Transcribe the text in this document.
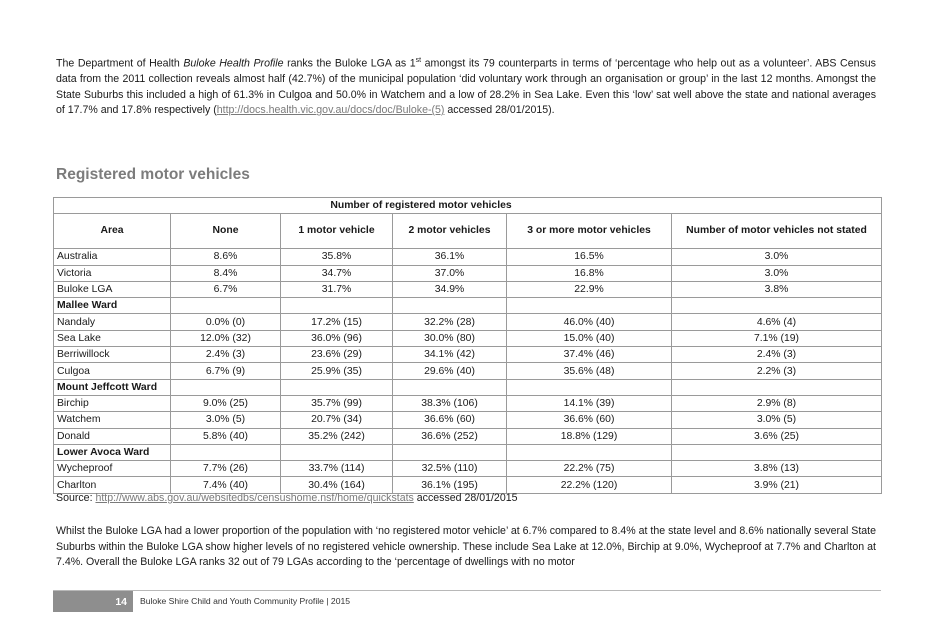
The Department of Health Buloke Health Profile ranks the Buloke LGA as 1st amongst its 79 counterparts in terms of ‘percentage who help out as a volunteer’. ABS Census data from the 2011 collection reveals almost half (42.7%) of the municipal population ‘did voluntary work through an organisation or group’ in the last 12 months. Amongst the State Suburbs this included a high of 61.3% in Culgoa and 50.0% in Watchem and a low of 28.2% in Sea Lake. Even this ‘low’ sat well above the state and national averages of 17.7% and 17.8% respectively (http://docs.health.vic.gov.au/docs/doc/Buloke-(5) accessed 28/01/2015).

Registered motor vehicles
	Number of registered motor vehicles				
Area	None	1 motor vehicle	2 motor vehicles	3 or more motor vehicles	Number of motor vehicles not stated
Australia	8.6%	35.8%	36.1%	16.5%	3.0%
Victoria	8.4%	34.7%	37.0%	16.8%	3.0%
Buloke LGA	6.7%	31.7%	34.9%	22.9%	3.8%
Mallee Ward					
Nandaly	0.0% (0)	17.2% (15)	32.2% (28)	46.0% (40)	4.6% (4)
Sea Lake	12.0% (32)	36.0% (96)	30.0% (80)	15.0% (40)	7.1% (19)
Berriwillock	2.4% (3)	23.6% (29)	34.1% (42)	37.4% (46)	2.4% (3)
Culgoa	6.7% (9)	25.9% (35)	29.6% (40)	35.6% (48)	2.2% (3)
Mount Jeffcott Ward					
Birchip	9.0% (25)	35.7% (99)	38.3% (106)	14.1% (39)	2.9% (8)
Watchem	3.0% (5)	20.7% (34)	36.6% (60)	36.6% (60)	3.0% (5)
Donald	5.8% (40)	35.2% (242)	36.6% (252)	18.8% (129)	3.6% (25)
Lower Avoca Ward					
Wycheproof	7.7% (26)	33.7% (114)	32.5% (110)	22.2% (75)	3.8% (13)
Charlton	7.4% (40)	30.4% (164)	36.1% (195)	22.2% (120)	3.9% (21)

Source: http://www.abs.gov.au/websitedbs/censushome.nsf/home/quickstats accessed 28/01/2015

Whilst the Buloke LGA had a lower proportion of the population with ‘no registered motor vehicle’ at 6.7% compared to 8.4% at the state level and 8.6% nationally several State Suburbs within the Buloke LGA show higher levels of no registered vehicle ownership. These include Sea Lake at 12.0%, Birchip at 9.0%, Wycheproof at 7.7% and Charlton at 7.4%. Overall the Buloke LGA ranks 32 out of 79 LGAs according to the ‘percentage of dwellings with no motor

14	Buloke Shire Child and Youth Community Profile | 2015
